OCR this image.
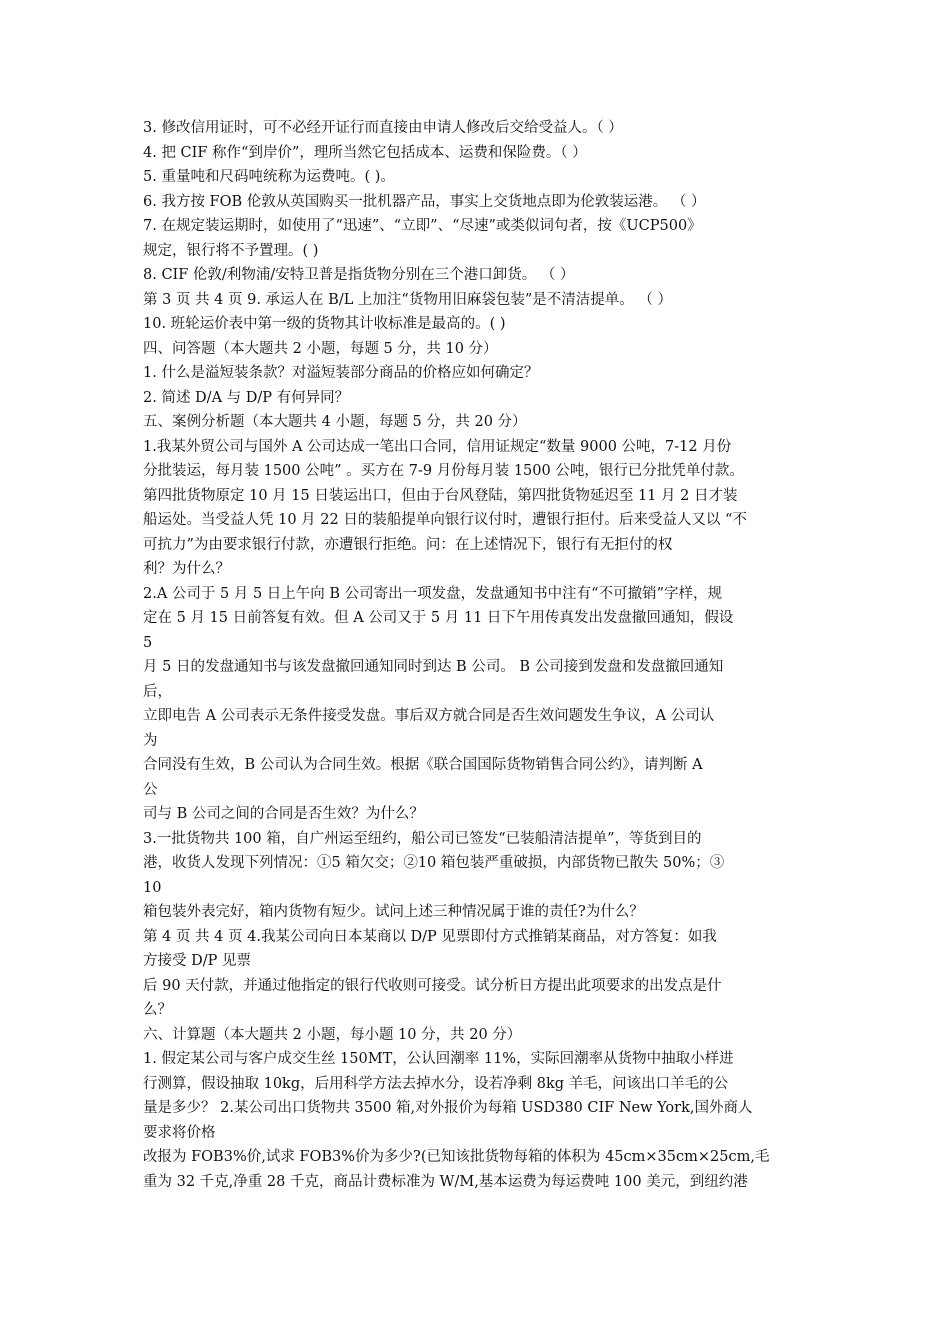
3. 修改信用证时，可不必经开证行而直接由申请人修改后交给受益人。（ ）
4. 把 CIF 称作“到岸价”，理所当然它包括成本、运费和保险费。（ ）
5. 重量吨和尺码吨统称为运费吨。( )。
6. 我方按 FOB 伦敦从英国购买一批机器产品，事实上交货地点即为伦敦装运港。 （ ）
7. 在规定装运期时，如使用了“迅速”、“立即”、“尽速”或类似词句者，按《UCP500》
规定，银行将不予置理。( )
8. CIF 伦敦/利物浦/安特卫普是指货物分别在三个港口卸货。 （ ）
第 3 页 共 4 页 9. 承运人在 B/L 上加注“货物用旧麻袋包装”是不清洁提单。 （ ）
10. 班轮运价表中第一级的货物其计收标准是最高的。( )
四、问答题（本大题共 2 小题，每题 5 分，共 10 分）
1. 什么是溢短装条款？对溢短装部分商品的价格应如何确定？
2. 简述 D/A 与 D/P 有何异同？
五、案例分析题（本大题共 4 小题，每题 5 分，共 20 分）
1.我某外贸公司与国外 A 公司达成一笔出口合同，信用证规定“数量 9000 公吨，7-12 月份
分批装运，每月装 1500 公吨” 。买方在 7-9 月份每月装 1500 公吨，银行已分批凭单付款。
第四批货物原定 10 月 15 日装运出口，但由于台风登陆，第四批货物延迟至 11 月 2 日才装
船运处。当受益人凭 10 月 22 日的装船提单向银行议付时，遭银行拒付。后来受益人又以 “不
可抗力”为由要求银行付款，亦遭银行拒绝。问：在上述情况下，银行有无拒付的权
利？为什么？
2.A 公司于 5 月 5 日上午向 B 公司寄出一项发盘，发盘通知书中注有“不可撤销”字样，规
定在 5 月 15 日前答复有效。但 A 公司又于 5 月 11 日下午用传真发出发盘撤回通知，假设
5
月 5 日的发盘通知书与该发盘撤回通知同时到达 B 公司。 B 公司接到发盘和发盘撤回通知
后，
立即电告 A 公司表示无条件接受发盘。事后双方就合同是否生效问题发生争议，A 公司认
为
合同没有生效，B 公司认为合同生效。根据《联合国国际货物销售合同公约》，请判断 A
公
司与 B 公司之间的合同是否生效？为什么？
3.一批货物共 100 箱，自广州运至纽约，船公司已签发“已装船清洁提单”，等货到目的
港，收货人发现下列情况：①5 箱欠交；②10 箱包装严重破损，内部货物已散失 50%；③
10
箱包装外表完好，箱内货物有短少。试问上述三种情况属于谁的责任?为什么？
第 4 页 共 4 页 4.我某公司向日本某商以 D/P 见票即付方式推销某商品，对方答复：如我
方接受 D/P 见票
后 90 天付款，并通过他指定的银行代收则可接受。试分析日方提出此项要求的出发点是什
么？
六、计算题（本大题共 2 小题，每小题 10 分，共 20 分）
1. 假定某公司与客户成交生丝 150MT，公认回潮率 11%，实际回潮率从货物中抽取小样进
行测算，假设抽取 10kg，后用科学方法去掉水分，设若净剩 8kg 羊毛，问该出口羊毛的公
量是多少？ 2.某公司出口货物共 3500 箱,对外报价为每箱 USD380 CIF New York,国外商人
要求将价格
改报为 FOB3%价,试求 FOB3%价为多少?(已知该批货物每箱的体积为 45cm×35cm×25cm,毛
重为 32 千克,净重 28 千克，商品计费标准为 W/M,基本运费为每运费吨 100 美元，到纽约港
